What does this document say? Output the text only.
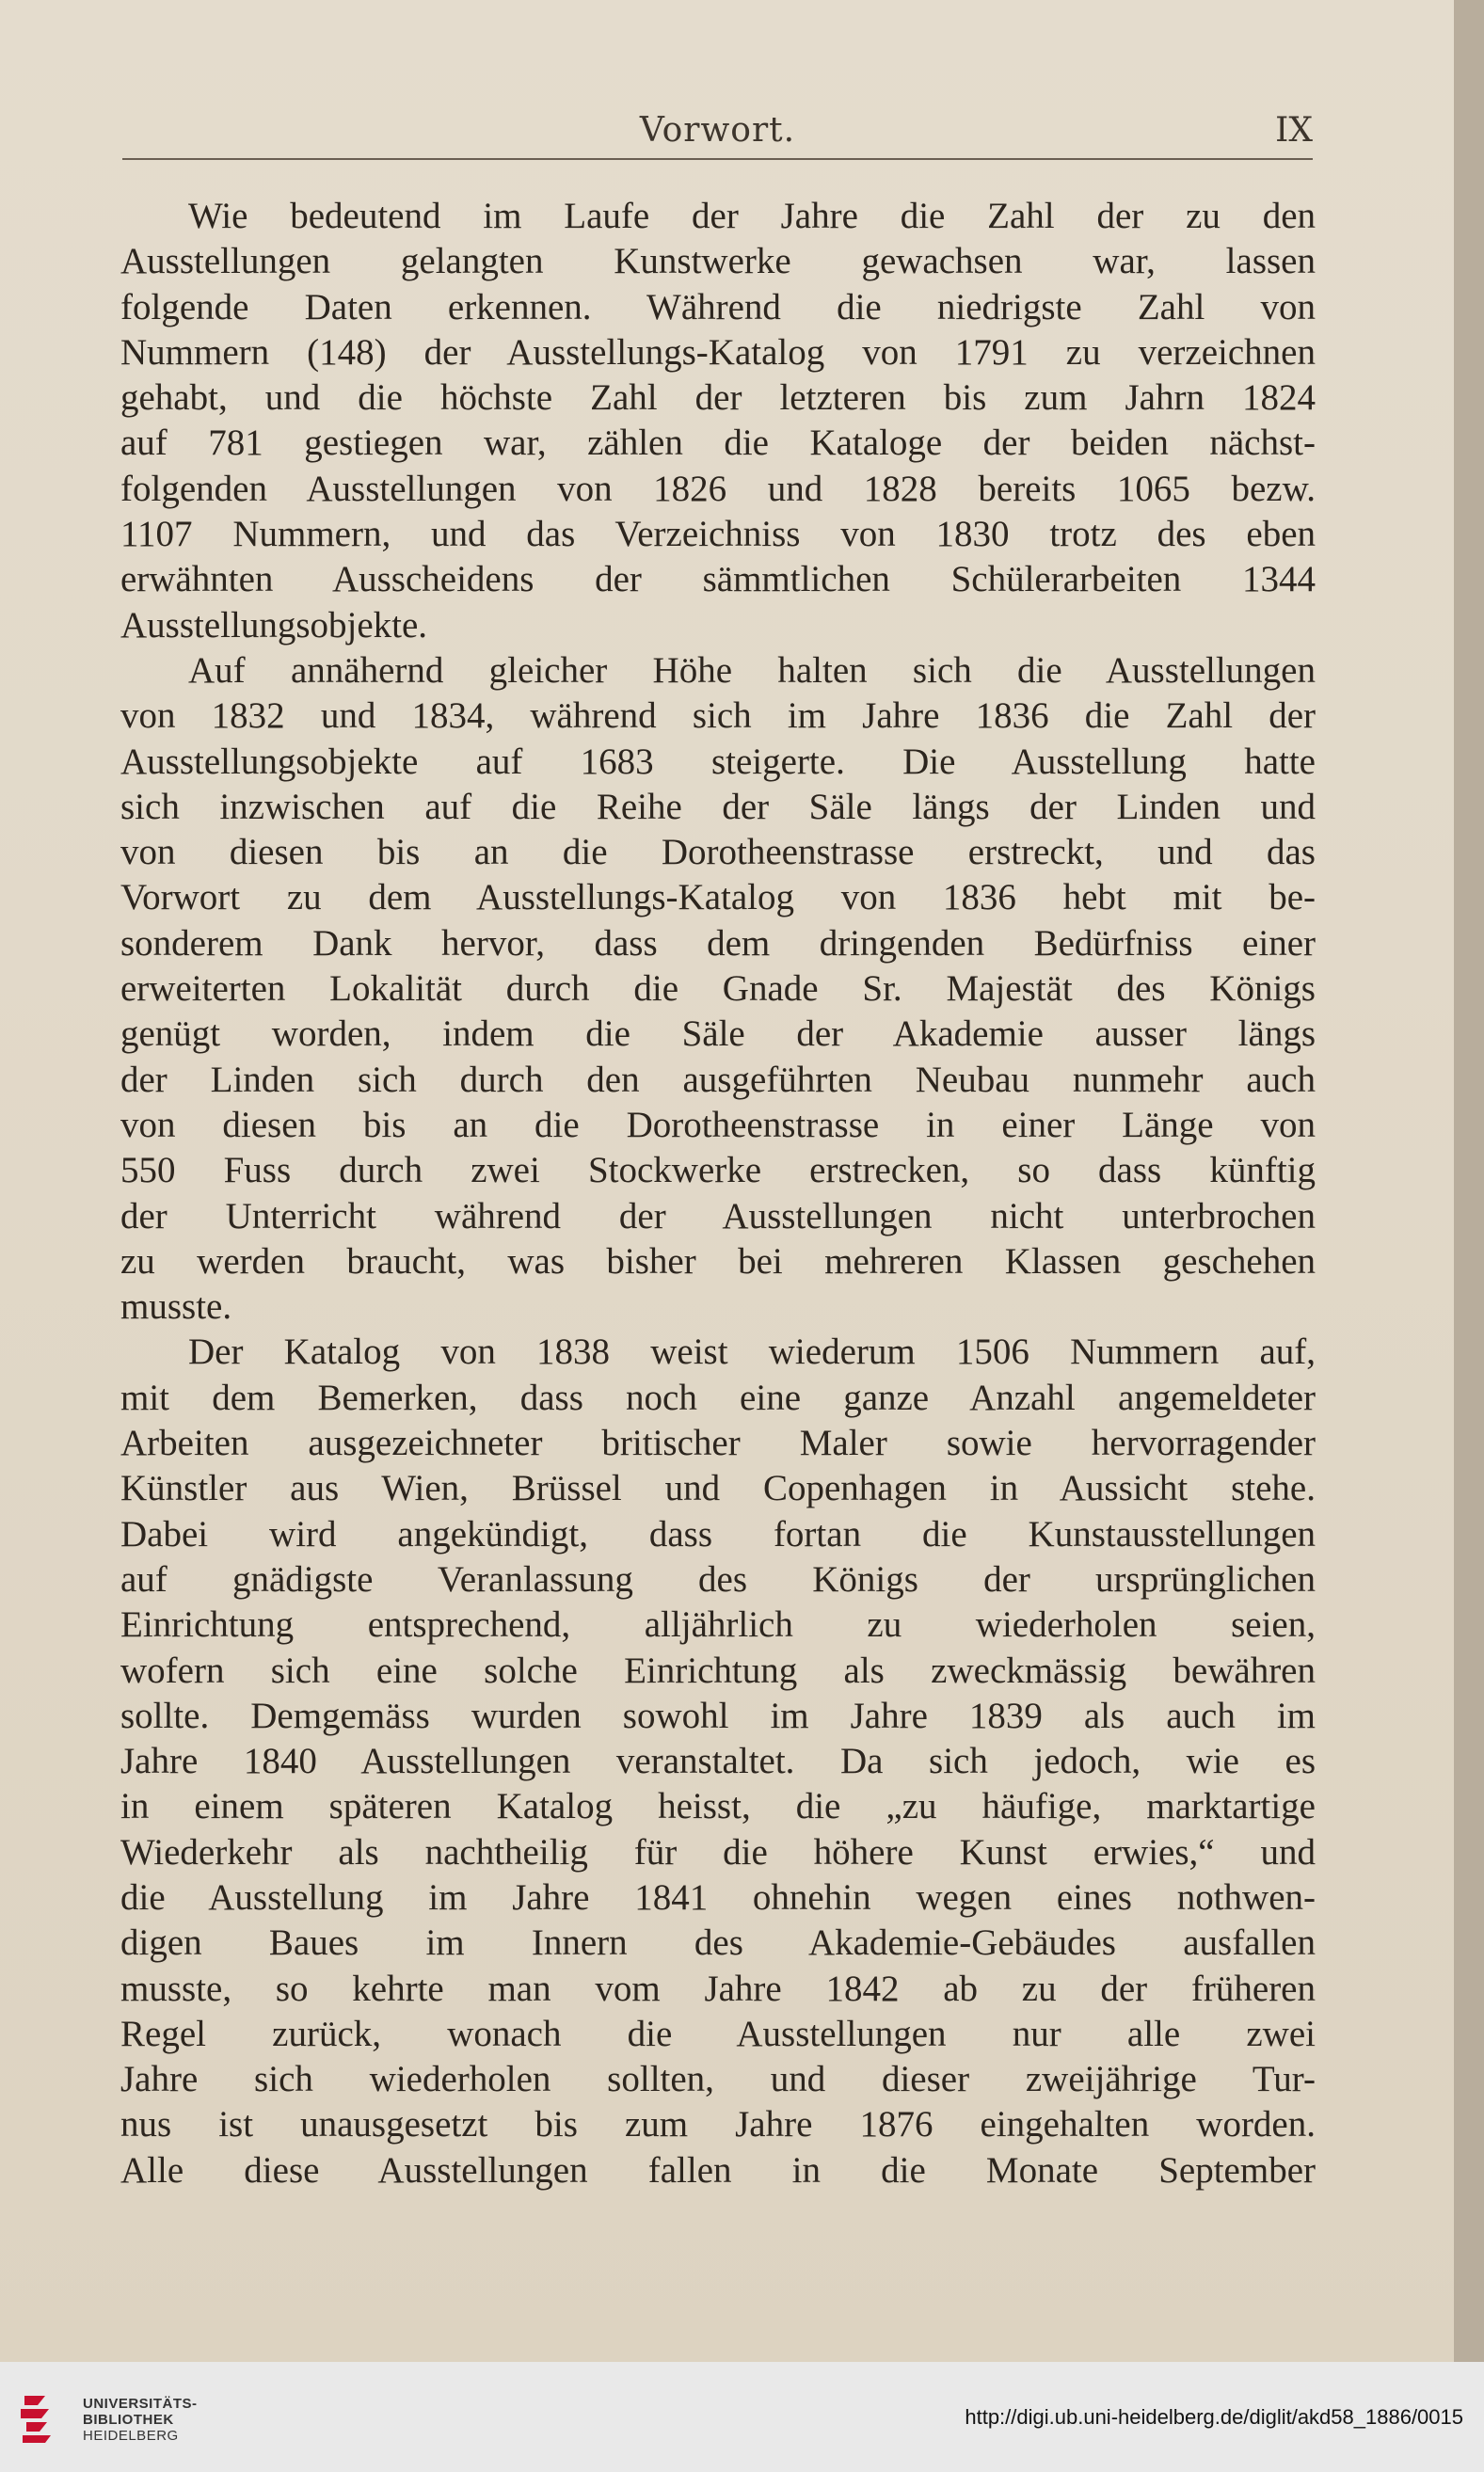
Vorwort.	IX
Wie bedeutend im Laufe der Jahre die Zahl der zu den
Ausstellungen gelangten Kunstwerke gewachsen war, lassen
folgende Daten erkennen. Während die niedrigste Zahl von
Nummern (148) der Ausstellungs-Katalog von 1791 zu verzeichnen
gehabt, und die höchste Zahl der letzteren bis zum Jahrn 1824
auf 781 gestiegen war, zählen die Kataloge der beiden nächst-
folgenden Ausstellungen von 1826 und 1828 bereits 1065 bezw.
1107 Nummern, und das Verzeichniss von 1830 trotz des eben
erwähnten Ausscheidens der sämmtlichen Schülerarbeiten 1344
Ausstellungsobjekte.
Auf annähernd gleicher Höhe halten sich die Ausstellungen
von 1832 und 1834, während sich im Jahre 1836 die Zahl der
Ausstellungsobjekte auf 1683 steigerte. Die Ausstellung hatte
sich inzwischen auf die Reihe der Säle längs der Linden und
von diesen bis an die Dorotheenstrasse erstreckt, und das
Vorwort zu dem Ausstellungs-Katalog von 1836 hebt mit be-
sonderem Dank hervor, dass dem dringenden Bedürfniss einer
erweiterten Lokalität durch die Gnade Sr. Majestät des Königs
genügt worden, indem die Säle der Akademie ausser längs
der Linden sich durch den ausgeführten Neubau nunmehr auch
von diesen bis an die Dorotheenstrasse in einer Länge von
550 Fuss durch zwei Stockwerke erstrecken, so dass künftig
der Unterricht während der Ausstellungen nicht unterbrochen
zu werden braucht, was bisher bei mehreren Klassen geschehen
musste.
Der Katalog von 1838 weist wiederum 1506 Nummern auf,
mit dem Bemerken, dass noch eine ganze Anzahl angemeldeter
Arbeiten ausgezeichneter britischer Maler sowie hervorragender
Künstler aus Wien, Brüssel und Copenhagen in Aussicht stehe.
Dabei wird angekündigt, dass fortan die Kunstausstellungen
auf gnädigste Veranlassung des Königs der ursprünglichen
Einrichtung entsprechend, alljährlich zu wiederholen seien,
wofern sich eine solche Einrichtung als zweckmässig bewähren
sollte. Demgemäss wurden sowohl im Jahre 1839 als auch im
Jahre 1840 Ausstellungen veranstaltet. Da sich jedoch, wie es
in einem späteren Katalog heisst, die „zu häufige, marktartige
Wiederkehr als nachtheilig für die höhere Kunst erwies,“ und
die Ausstellung im Jahre 1841 ohnehin wegen eines nothwen-
digen Baues im Innern des Akademie-Gebäudes ausfallen
musste, so kehrte man vom Jahre 1842 ab zu der früheren
Regel zurück, wonach die Ausstellungen nur alle zwei
Jahre sich wiederholen sollten, und dieser zweijährige Tur-
nus ist unausgesetzt bis zum Jahre 1876 eingehalten worden.
Alle diese Ausstellungen fallen in die Monate September
UNIVERSITÄTS-
BIBLIOTHEK
HEIDELBERG
http://digi.ub.uni-heidelberg.de/diglit/akd58_1886/0015
